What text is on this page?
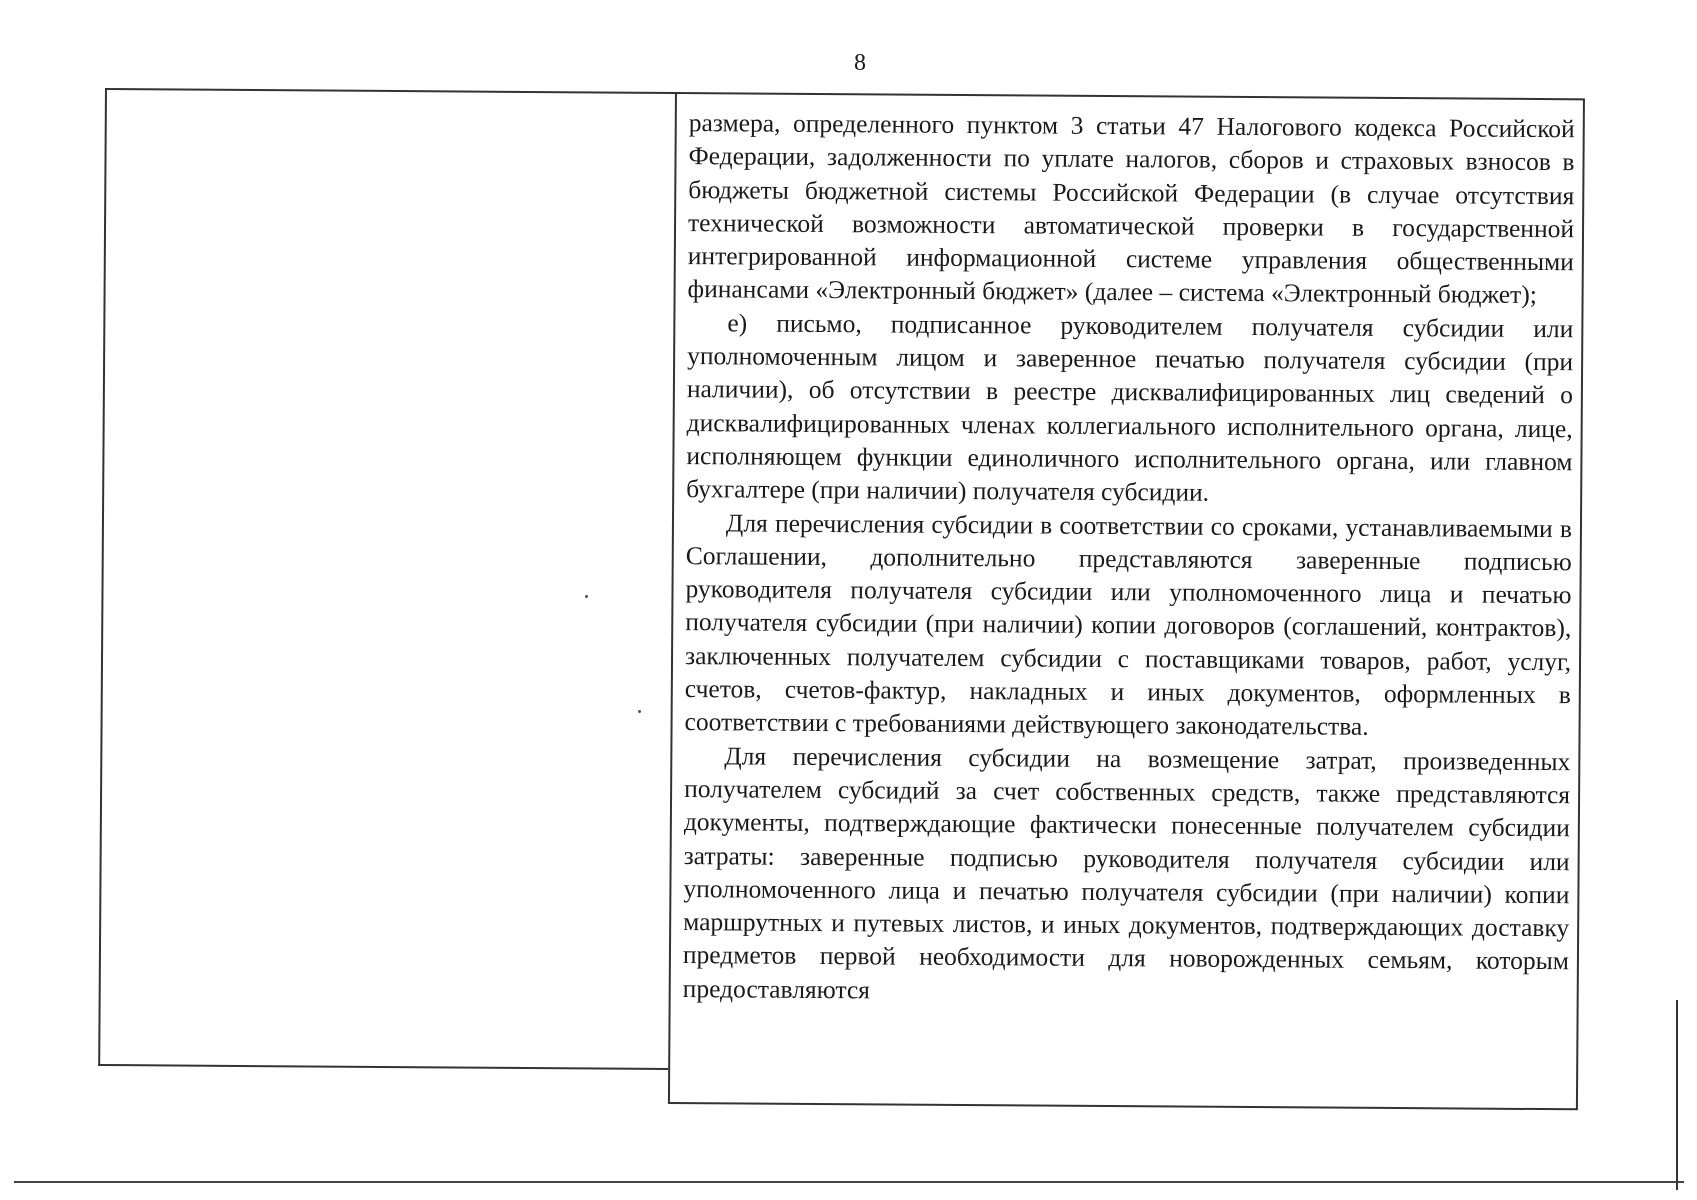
8

размера, определенного пунктом 3 статьи 47 Налогового кодекса Российской Федерации, задолженности по уплате налогов, сборов и страховых взносов в бюджеты бюджетной системы Российской Федерации (в случае отсутствия технической возможности автоматической проверки в государственной интегрированной информационной системе управления общественными финансами «Электронный бюджет» (далее – система «Электронный бюджет);

е) письмо, подписанное руководителем получателя субсидии или уполномоченным лицом и заверенное печатью получателя субсидии (при наличии), об отсутствии в реестре дисквалифицированных лиц сведений о дисквалифицированных членах коллегиального исполнительного органа, лице, исполняющем функции единоличного исполнительного органа, или главном бухгалтере (при наличии) получателя субсидии.

Для перечисления субсидии в соответствии со сроками, устанавливаемыми в Соглашении, дополнительно представляются заверенные подписью руководителя получателя субсидии или уполномоченного лица и печатью получателя субсидии (при наличии) копии договоров (соглашений, контрактов), заключенных получателем субсидии с поставщиками товаров, работ, услуг, счетов, счетов-фактур, накладных и иных документов, оформленных в соответствии с требованиями действующего законодательства.

Для перечисления субсидии на возмещение затрат, произведенных получателем субсидий за счет собственных средств, также представляются документы, подтверждающие фактически понесенные получателем субсидии затраты: заверенные подписью руководителя получателя субсидии или уполномоченного лица и печатью получателя субсидии (при наличии) копии маршрутных и путевых листов, и иных документов, подтверждающих доставку предметов первой необходимости для новорожденных семьям, которым предоставляются
